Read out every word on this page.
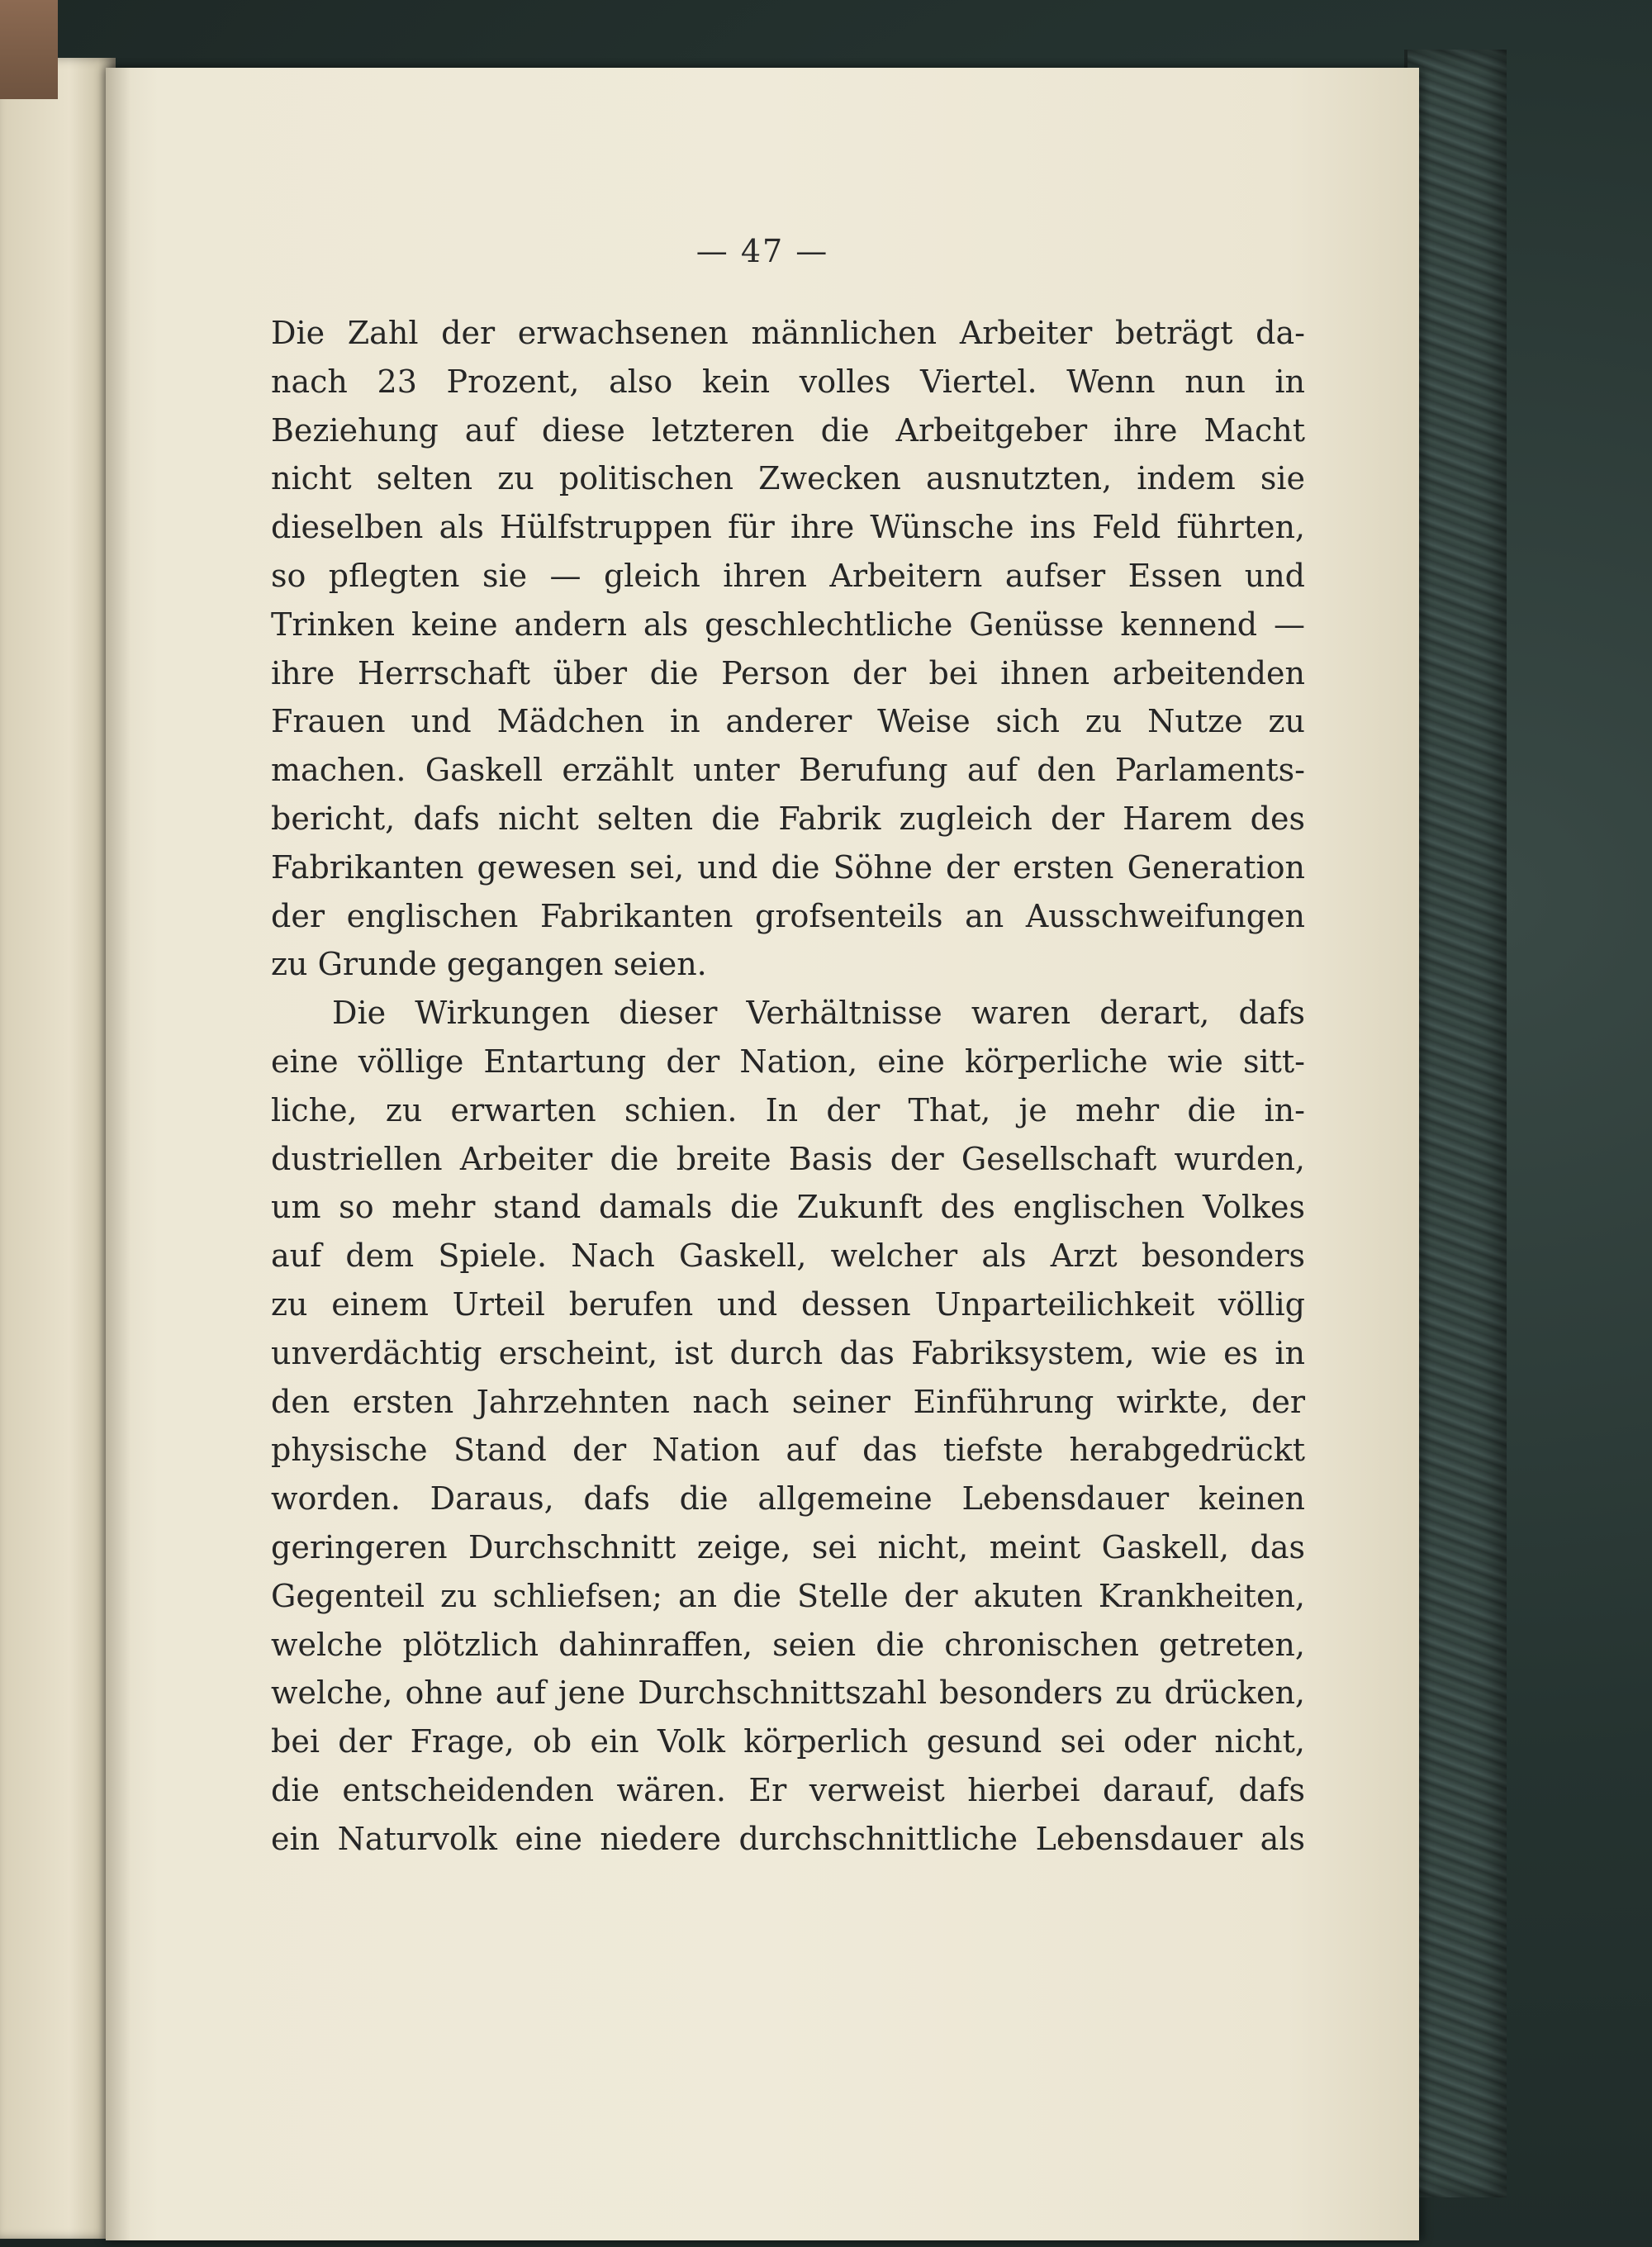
— 47 —
Die Zahl der erwachsenen männlichen Arbeiter beträgt da-
nach 23 Prozent, also kein volles Viertel. Wenn nun in
Beziehung auf diese letzteren die Arbeitgeber ihre Macht
nicht selten zu politischen Zwecken ausnutzten, indem sie
dieselben als Hülfstruppen für ihre Wünsche ins Feld führten,
so pflegten sie — gleich ihren Arbeitern aufser Essen und
Trinken keine andern als geschlechtliche Genüsse kennend —
ihre Herrschaft über die Person der bei ihnen arbeitenden
Frauen und Mädchen in anderer Weise sich zu Nutze zu
machen. Gaskell erzählt unter Berufung auf den Parlaments-
bericht, dafs nicht selten die Fabrik zugleich der Harem des
Fabrikanten gewesen sei, und die Söhne der ersten Generation
der englischen Fabrikanten grofsenteils an Ausschweifungen
zu Grunde gegangen seien.
Die Wirkungen dieser Verhältnisse waren derart, dafs
eine völlige Entartung der Nation, eine körperliche wie sitt-
liche, zu erwarten schien. In der That, je mehr die in-
dustriellen Arbeiter die breite Basis der Gesellschaft wurden,
um so mehr stand damals die Zukunft des englischen Volkes
auf dem Spiele. Nach Gaskell, welcher als Arzt besonders
zu einem Urteil berufen und dessen Unparteilichkeit völlig
unverdächtig erscheint, ist durch das Fabriksystem, wie es in
den ersten Jahrzehnten nach seiner Einführung wirkte, der
physische Stand der Nation auf das tiefste herabgedrückt
worden. Daraus, dafs die allgemeine Lebensdauer keinen
geringeren Durchschnitt zeige, sei nicht, meint Gaskell, das
Gegenteil zu schliefsen; an die Stelle der akuten Krankheiten,
welche plötzlich dahinraffen, seien die chronischen getreten,
welche, ohne auf jene Durchschnittszahl besonders zu drücken,
bei der Frage, ob ein Volk körperlich gesund sei oder nicht,
die entscheidenden wären. Er verweist hierbei darauf, dafs
ein Naturvolk eine niedere durchschnittliche Lebensdauer als
